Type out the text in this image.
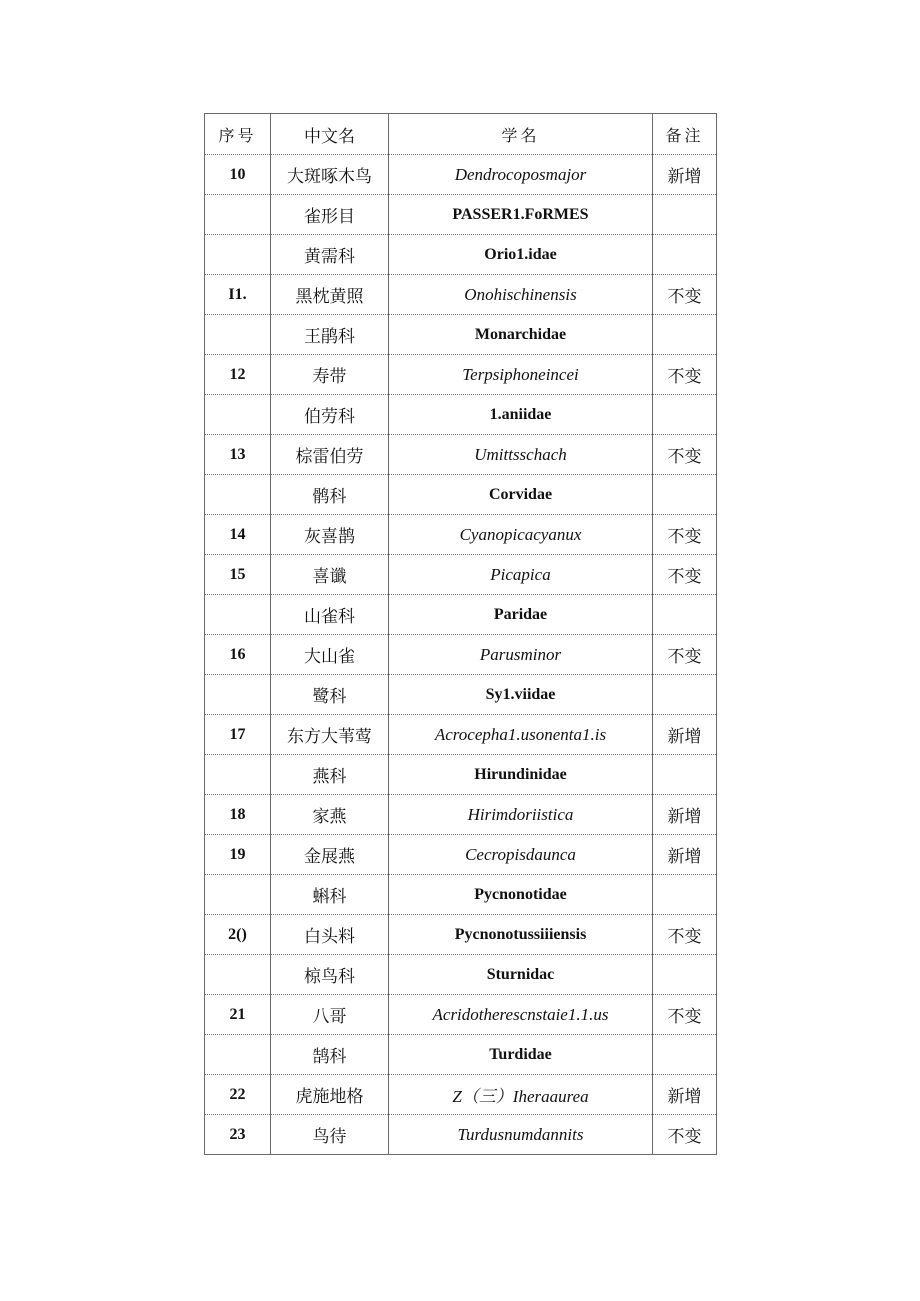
序号	中文名	学名	备注
10	大斑啄木鸟	Dendrocoposmajor	新增
	雀形目	PASSER1.FoRMES	
	黄需科	Orio1.idae	
I1.	黑枕黄照	Onohischinensis	不变
	王鹃科	Monarchidae	
12	寿带	Terpsiphoneincei	不变
	伯劳科	1.aniidae	
13	棕雷伯劳	Umittsschach	不变
	鹘科	Corvidae	
14	灰喜鹊	Cyanopicacyanux	不变
15	喜谶	Picapica	不变
	山雀科	Paridae	
16	大山雀	Parusminor	不变
	鹭科	Sy1.viidae	
17	东方大苇莺	Acrocepha1.usonenta1.is	新增
	燕科	Hirundinidae	
18	家燕	Hirimdoriistica	新增
19	金展燕	Cecropisdaunca	新增
	蝌科	Pycnonotidae	
2()	白头料	Pycnonotussiiiensis	不变
	椋鸟科	Sturnidac	
21	八哥	Acridotherescnstaie1.1.us	不变
	鹄科	Turdidae	
22	虎施地格	Z（三）Iheraaurea	新增
23	鸟待	Turdusnumdannits	不变
